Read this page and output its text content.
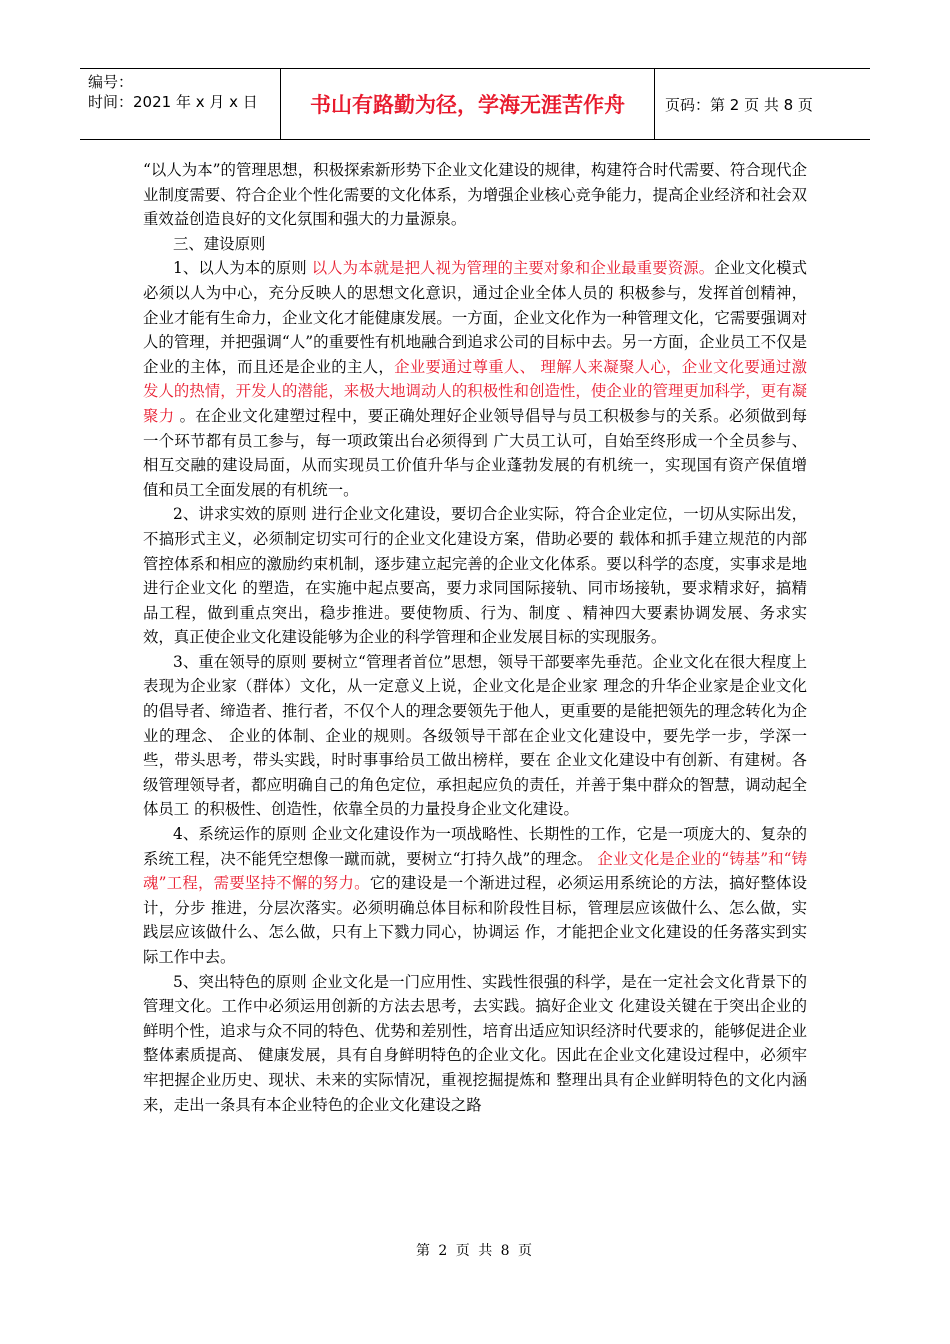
编号：
时间：2021 年 x 月 x 日	书山有路勤为径，学海无涯苦作舟	页码：第 2 页 共 8 页

“以人为本”的管理思想，积极探索新形势下企业文化建设的规律，构建符合时代需要、符合现代企业制度需要、符合企业个性化需要的文化体系，为增强企业核心竞争能力，提高企业经济和社会双重效益创造良好的文化氛围和强大的力量源泉。

三、建设原则

1、以人为本的原则 以人为本就是把人视为管理的主要对象和企业最重要资源。企业文化模式必须以人为中心，充分反映人的思想文化意识，通过企业全体人员的 积极参与，发挥首创精神，企业才能有生命力，企业文化才能健康发展。一方面，企业文化作为一种管理文化，它需要强调对人的管理，并把强调“人”的重要性有机地融合到追求公司的目标中去。另一方面，企业员工不仅是企业的主体，而且还是企业的主人，企业要通过尊重人、 理解人来凝聚人心，企业文化要通过激发人的热情，开发人的潜能，来极大地调动人的积极性和创造性，使企业的管理更加科学，更有凝聚力 。在企业文化建塑过程中，要正确处理好企业领导倡导与员工积极参与的关系。必须做到每一个环节都有员工参与，每一项政策出台必须得到 广大员工认可，自始至终形成一个全员参与、相互交融的建设局面，从而实现员工价值升华与企业蓬勃发展的有机统一，实现国有资产保值增 值和员工全面发展的有机统一。

2、讲求实效的原则 进行企业文化建设，要切合企业实际，符合企业定位，一切从实际出发，不搞形式主义，必须制定切实可行的企业文化建设方案，借助必要的 载体和抓手建立规范的内部管控体系和相应的激励约束机制，逐步建立起完善的企业文化体系。要以科学的态度，实事求是地进行企业文化 的塑造，在实施中起点要高，要力求同国际接轨、同市场接轨，要求精求好，搞精品工程，做到重点突出，稳步推进。要使物质、行为、制度 、精神四大要素协调发展、务求实效，真正使企业文化建设能够为企业的科学管理和企业发展目标的实现服务。

3、重在领导的原则 要树立“管理者首位”思想，领导干部要率先垂范。企业文化在很大程度上表现为企业家（群体）文化，从一定意义上说，企业文化是企业家 理念的升华企业家是企业文化的倡导者、缔造者、推行者，不仅个人的理念要领先于他人，更重要的是能把领先的理念转化为企业的理念、 企业的体制、企业的规则。各级领导干部在企业文化建设中，要先学一步，学深一些，带头思考，带头实践，时时事事给员工做出榜样，要在 企业文化建设中有创新、有建树。各级管理领导者，都应明确自己的角色定位，承担起应负的责任，并善于集中群众的智慧，调动起全体员工 的积极性、创造性，依靠全员的力量投身企业文化建设。

4、系统运作的原则 企业文化建设作为一项战略性、长期性的工作，它是一项庞大的、复杂的系统工程，决不能凭空想像一蹴而就，要树立“打持久战”的理念。 企业文化是企业的“铸基”和“铸魂”工程，需要坚持不懈的努力。它的建设是一个渐进过程，必须运用系统论的方法，搞好整体设计，分步 推进，分层次落实。必须明确总体目标和阶段性目标，管理层应该做什么、怎么做，实践层应该做什么、怎么做，只有上下戮力同心，协调运 作，才能把企业文化建设的任务落实到实际工作中去。

5、突出特色的原则 企业文化是一门应用性、实践性很强的科学，是在一定社会文化背景下的管理文化。工作中必须运用创新的方法去思考，去实践。搞好企业文 化建设关键在于突出企业的鲜明个性，追求与众不同的特色、优势和差别性，培育出适应知识经济时代要求的，能够促进企业整体素质提高、 健康发展，具有自身鲜明特色的企业文化。因此在企业文化建设过程中，必须牢牢把握企业历史、现状、未来的实际情况，重视挖掘提炼和 整理出具有企业鲜明特色的文化内涵来，走出一条具有本企业特色的企业文化建设之路

第 2 页 共 8 页
